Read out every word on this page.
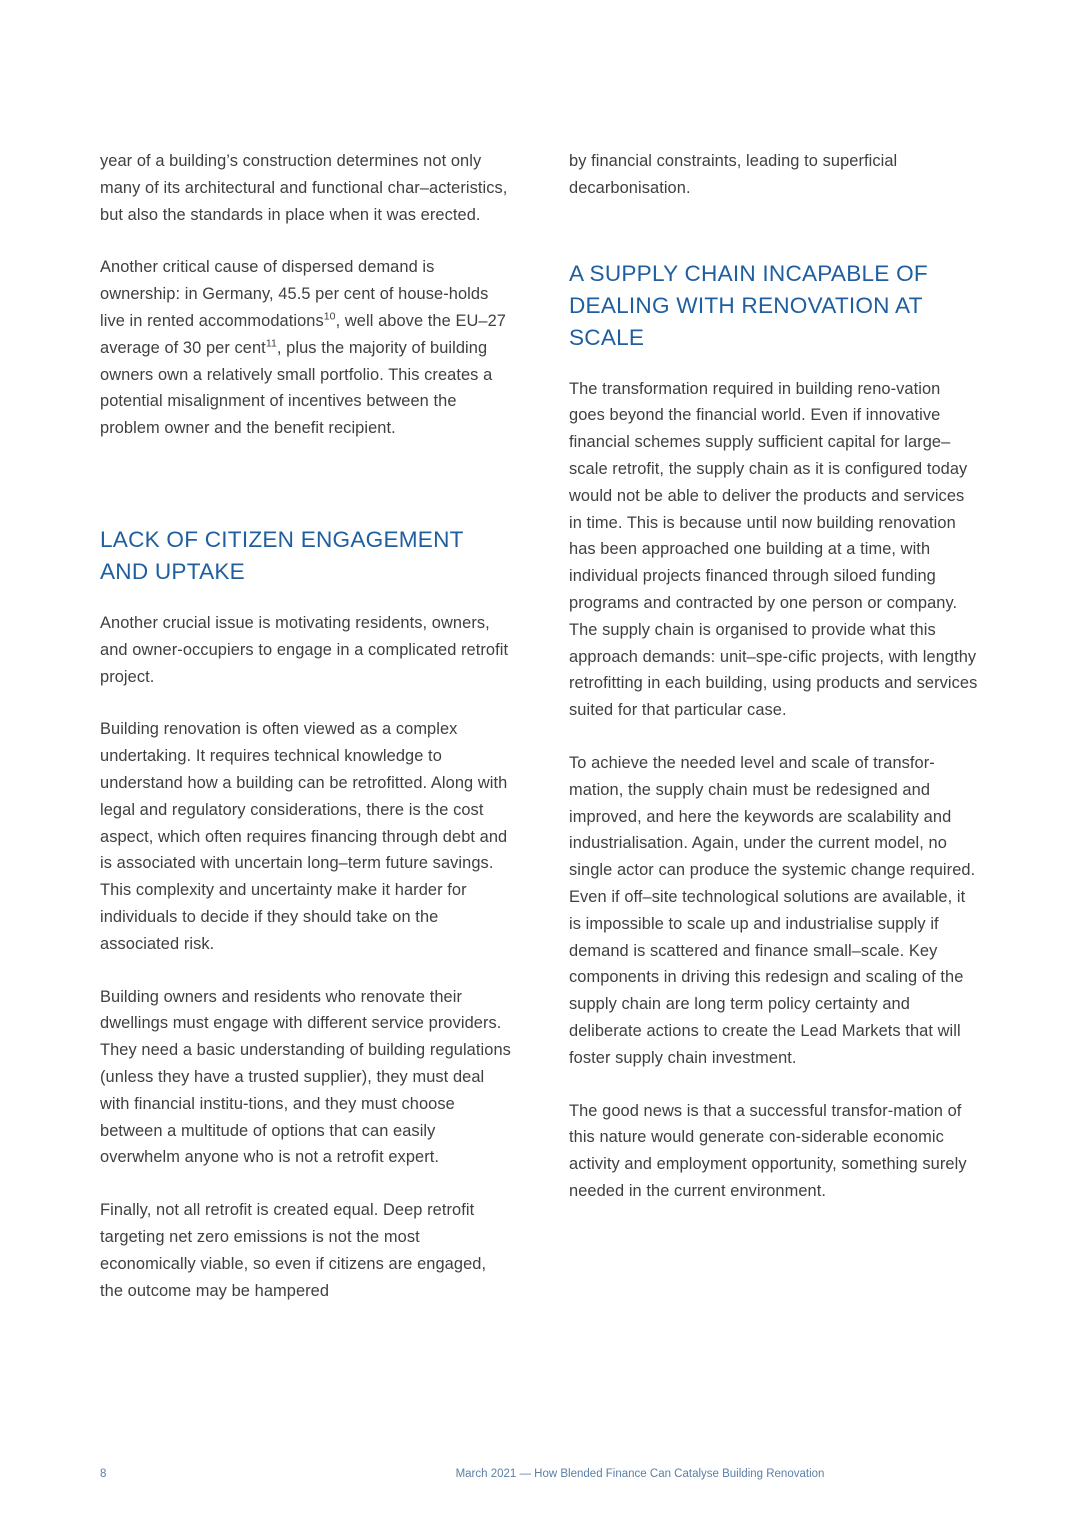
year of a building’s construction determines not only many of its architectural and functional char–acteristics, but also the standards in place when it was erected.

Another critical cause of dispersed demand is ownership: in Germany, 45.5 per cent of house-holds live in rented accommodations$^{10}$, well above the EU–27 average of 30 per cent$^{11}$, plus the majority of building owners own a relatively small portfolio. This creates a potential misalignment of incentives between the problem owner and the benefit recipient.

LACK OF CITIZEN ENGAGEMENT AND UPTAKE

Another crucial issue is motivating residents, owners, and owner-occupiers to engage in a complicated retrofit project.

Building renovation is often viewed as a complex undertaking. It requires technical knowledge to understand how a building can be retrofitted. Along with legal and regulatory considerations, there is the cost aspect, which often requires financing through debt and is associated with uncertain long–term future savings. This complexity and uncertainty make it harder for individuals to decide if they should take on the associated risk.

Building owners and residents who renovate their dwellings must engage with different service providers. They need a basic understanding of building regulations (unless they have a trusted supplier), they must deal with financial institu-tions, and they must choose between a multitude of options that can easily overwhelm anyone who is not a retrofit expert.

Finally, not all retrofit is created equal. Deep retrofit targeting net zero emissions is not the most economically viable, so even if citizens are engaged, the outcome may be hampered

by financial constraints, leading to superficial decarbonisation.

A SUPPLY CHAIN INCAPABLE OF DEALING WITH RENOVATION AT SCALE

The transformation required in building reno-vation goes beyond the financial world. Even if innovative financial schemes supply sufficient capital for large–scale retrofit, the supply chain as it is configured today would not be able to deliver the products and services in time. This is because until now building renovation has been approached one building at a time, with individual projects financed through siloed funding programs and contracted by one person or company. The supply chain is organised to provide what this approach demands: unit–spe-cific projects, with lengthy retrofitting in each building, using products and services suited for that particular case.

To achieve the needed level and scale of transfor-mation, the supply chain must be redesigned and improved, and here the keywords are scalability and industrialisation. Again, under the current model, no single actor can produce the systemic change required. Even if off–site technological solutions are available, it is impossible to scale up and industrialise supply if demand is scattered and finance small–scale. Key components in driving this redesign and scaling of the supply chain are long term policy certainty and deliberate actions to create the Lead Markets that will foster supply chain investment.

The good news is that a successful transfor-mation of this nature would generate con-siderable economic activity and employment opportunity, something surely needed in the current environment.

8	March 2021 — How Blended Finance Can Catalyse Building Renovation
